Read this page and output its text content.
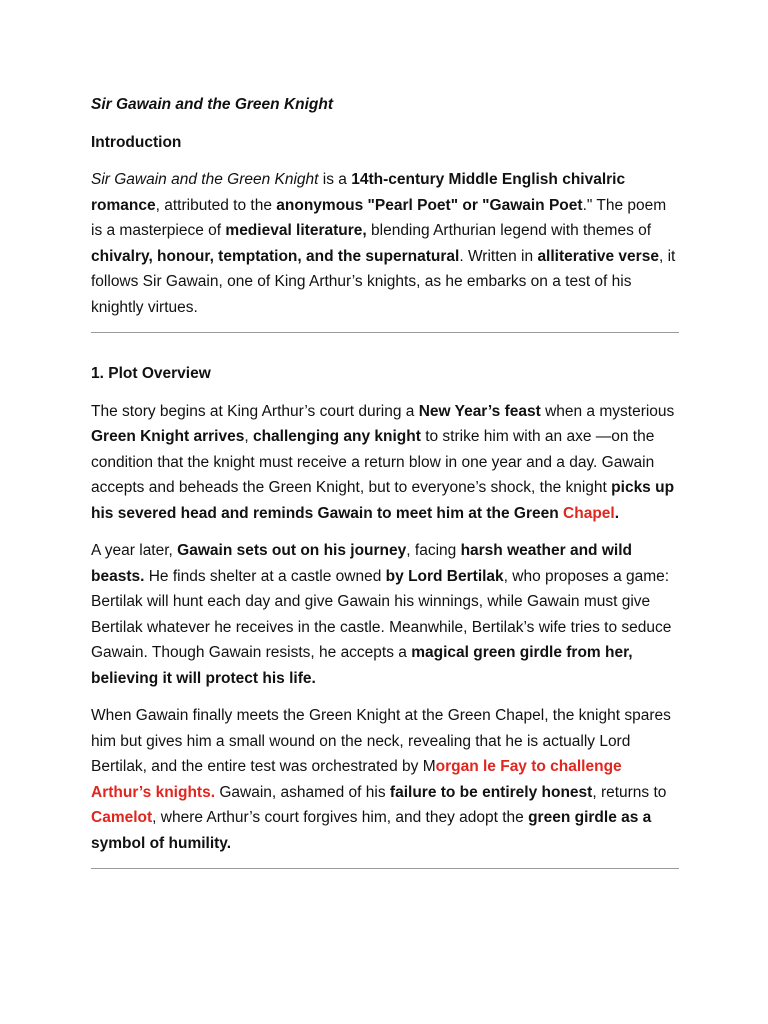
Sir Gawain and the Green Knight
Introduction

Sir Gawain and the Green Knight is a 14th-century Middle English chivalric romance, attributed to the anonymous "Pearl Poet" or "Gawain Poet." The poem is a masterpiece of medieval literature, blending Arthurian legend with themes of chivalry, honour, temptation, and the supernatural. Written in alliterative verse, it follows Sir Gawain, one of King Arthur’s knights, as he embarks on a test of his knightly virtues.

1. Plot Overview

The story begins at King Arthur’s court during a New Year’s feast when a mysterious Green Knight arrives, challenging any knight to strike him with an axe —on the condition that the knight must receive a return blow in one year and a day. Gawain accepts and beheads the Green Knight, but to everyone’s shock, the knight picks up his severed head and reminds Gawain to meet him at the Green Chapel.

A year later, Gawain sets out on his journey, facing harsh weather and wild beasts. He finds shelter at a castle owned by Lord Bertilak, who proposes a game: Bertilak will hunt each day and give Gawain his winnings, while Gawain must give Bertilak whatever he receives in the castle. Meanwhile, Bertilak’s wife tries to seduce Gawain. Though Gawain resists, he accepts a magical green girdle from her, believing it will protect his life.

When Gawain finally meets the Green Knight at the Green Chapel, the knight spares him but gives him a small wound on the neck, revealing that he is actually Lord Bertilak, and the entire test was orchestrated by Morgan le Fay to challenge Arthur’s knights. Gawain, ashamed of his failure to be entirely honest, returns to Camelot, where Arthur’s court forgives him, and they adopt the green girdle as a symbol of humility.
